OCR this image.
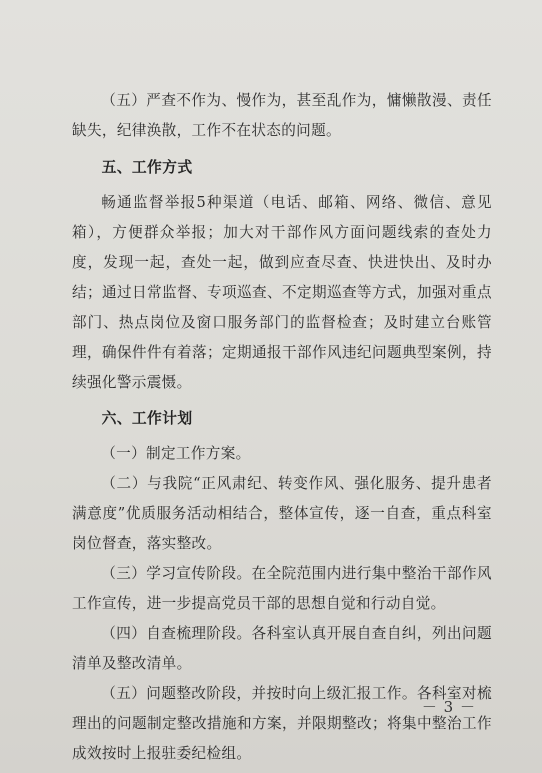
（五）严查不作为、慢作为，甚至乱作为，慵懒散漫、责任缺失，纪律涣散，工作不在状态的问题。

五、工作方式

畅通监督举报5种渠道（电话、邮箱、网络、微信、意见箱），方便群众举报；加大对干部作风方面问题线索的查处力度，发现一起，查处一起，做到应查尽查、快进快出、及时办结；通过日常监督、专项巡查、不定期巡查等方式，加强对重点部门、热点岗位及窗口服务部门的监督检查；及时建立台账管理，确保件件有着落；定期通报干部作风违纪问题典型案例，持续强化警示震慑。

六、工作计划

（一）制定工作方案。

（二）与我院“正风肃纪、转变作风、强化服务、提升患者满意度”优质服务活动相结合，整体宣传，逐一自查，重点科室岗位督查，落实整改。

（三）学习宣传阶段。在全院范围内进行集中整治干部作风工作宣传，进一步提高党员干部的思想自觉和行动自觉。

（四）自查梳理阶段。各科室认真开展自查自纠，列出问题清单及整改清单。

（五）问题整改阶段，并按时向上级汇报工作。各科室对梳理出的问题制定整改措施和方案，并限期整改；将集中整治工作成效按时上报驻委纪检组。

－ 3 －
